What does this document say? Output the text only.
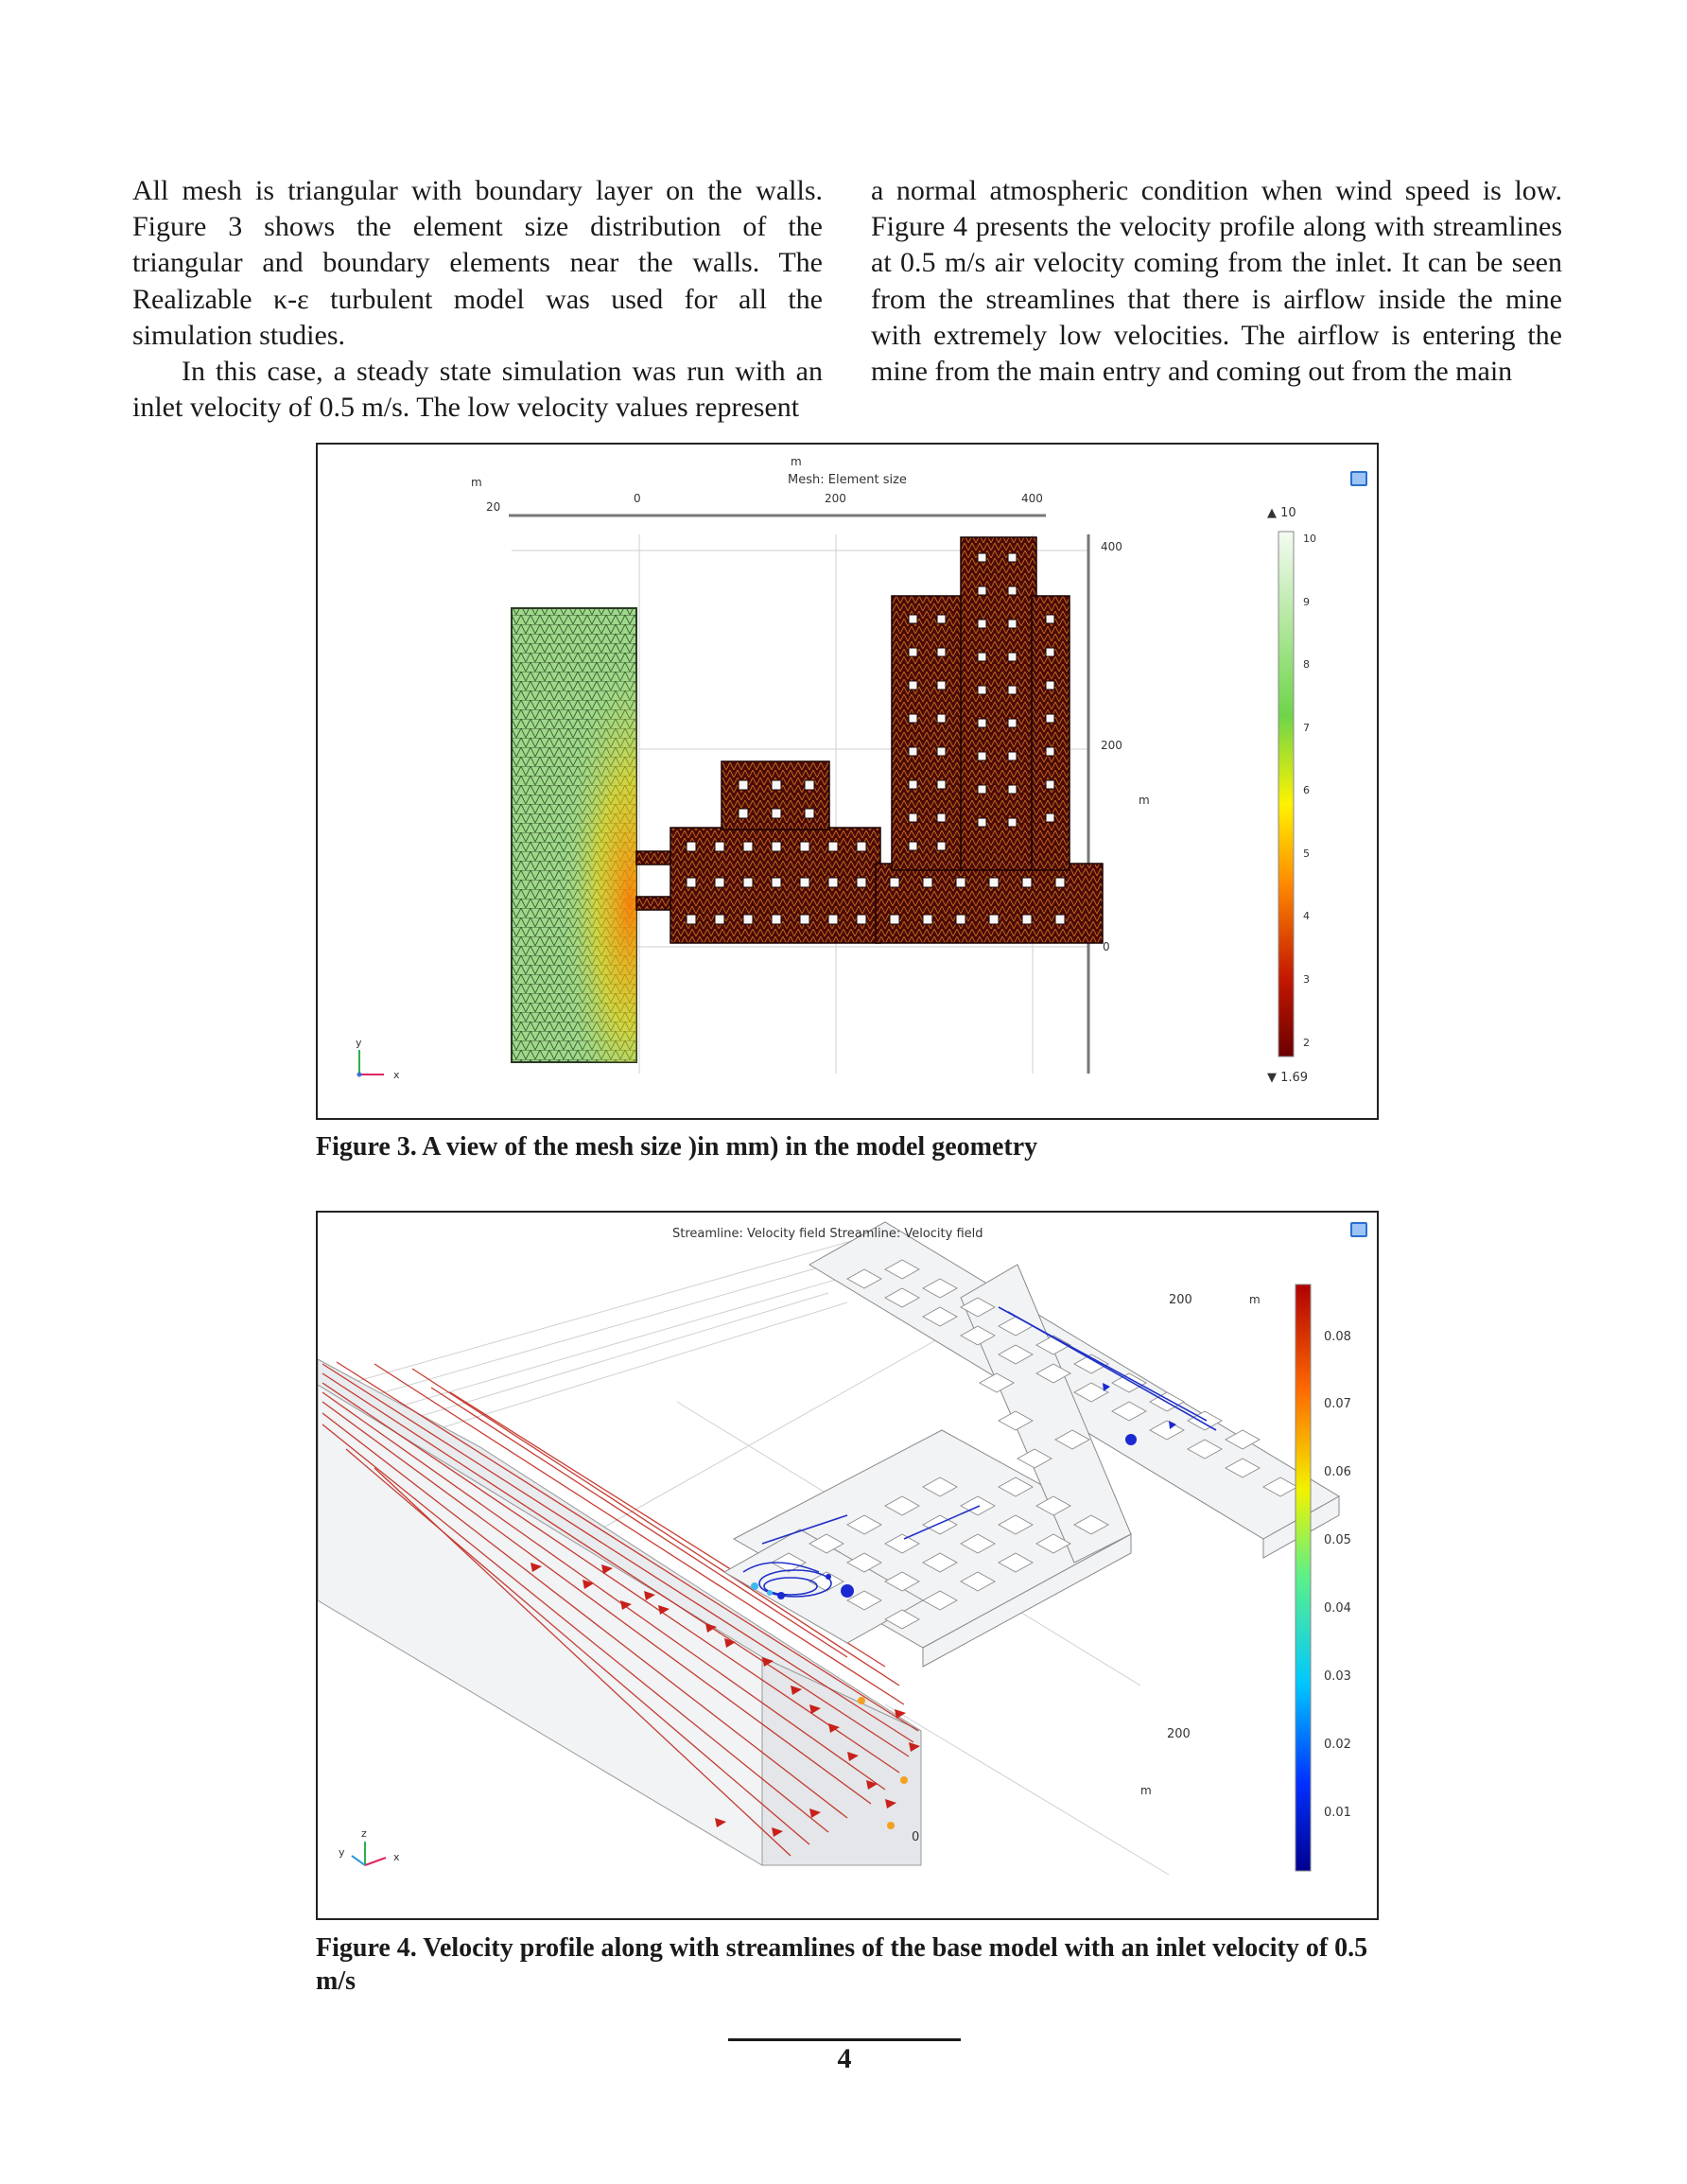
All mesh is triangular with boundary layer on the walls. Figure 3 shows the element size distribution of the triangular and boundary elements near the walls. The Realizable κ-ε turbulent model was used for all the simulation studies.

In this case, a steady state simulation was run with an inlet velocity of 0.5 m/s. The low velocity values represent

a normal atmospheric condition when wind speed is low. Figure 4 presents the velocity profile along with streamlines at 0.5 m/s air velocity coming from the inlet. It can be seen from the streamlines that there is airflow inside the mine with extremely low velocities. The airflow is entering the mine from the main entry and coming out from the main

m
Mesh: Element size
m
20
0	200	400
400
200
0
m
▲ 10
10
9
8
7
6
5
4
3
2
▼ 1.69
y
x
Figure 3. A view of the mesh size )in mm) in the model geometry
Streamline: Velocity field Streamline: Velocity field
200	m
200
m
0
0.08
0.07
0.06
0.05
0.04
0.03
0.02
0.01
z
y	x
Figure 4. Velocity profile along with streamlines of the base model with an inlet velocity of 0.5 m/s
4
